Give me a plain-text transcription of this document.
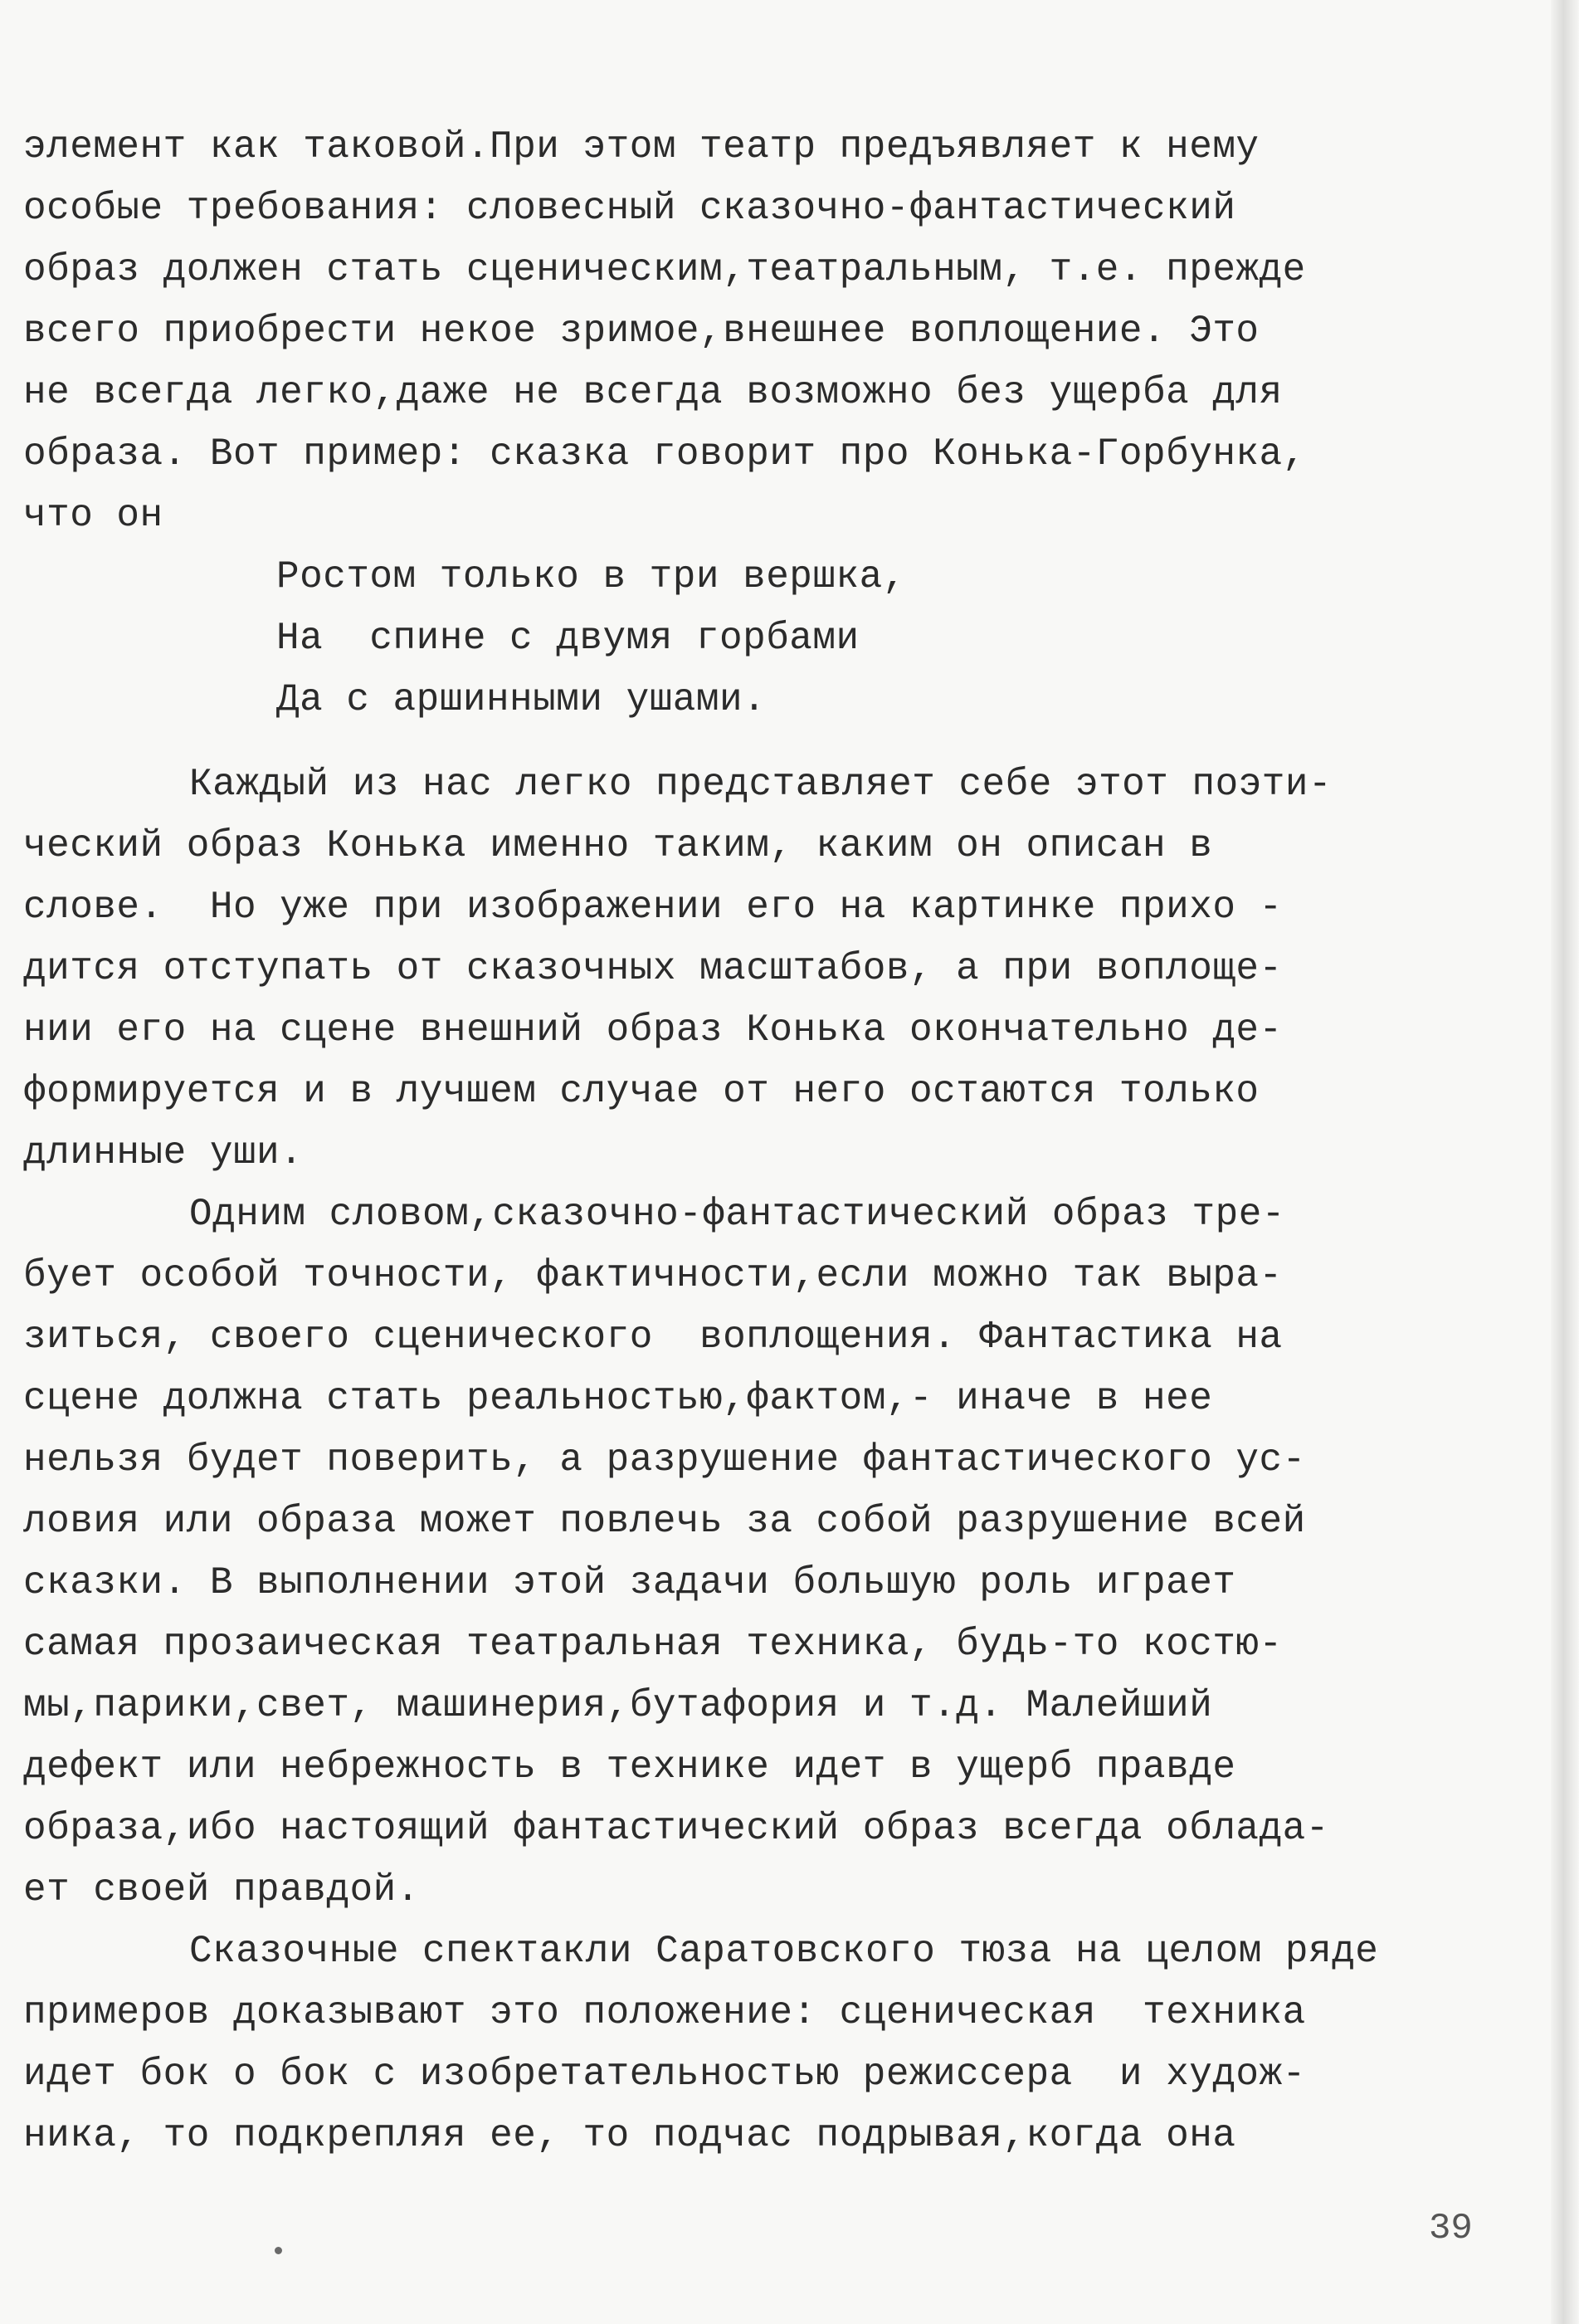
элемент как таковой.При этом театр предъявляет к нему
особые требования: словесный сказочно-фантастический
образ должен стать сценическим,театральным, т.е. прежде
всего приобрести некое зримое,внешнее воплощение. Это
не всегда легко,даже не всегда возможно без ущерба для
образа. Вот пример: сказка говорит про Конька-Горбунка,
что он
Ростом только в три вершка,
На  спине с двумя горбами
Да с аршинными ушами.
Каждый из нас легко представляет себе этот поэти-
ческий образ Конька именно таким, каким он описан в
слове.  Но уже при изображении его на картинке прихо -
дится отступать от сказочных масштабов, а при воплоще-
нии его на сцене внешний образ Конька окончательно де-
формируется и в лучшем случае от него остаются только
длинные уши.
Одним словом,сказочно-фантастический образ тре-
бует особой точности, фактичности,если можно так выра-
зиться, своего сценического  воплощения. Фантастика на
сцене должна стать реальностью,фактом,- иначе в нее
нельзя будет поверить, а разрушение фантастического ус-
ловия или образа может повлечь за собой разрушение всей
сказки. В выполнении этой задачи большую роль играет
самая прозаическая театральная техника, будь-то костю-
мы,парики,свет, машинерия,бутафория и т.д. Малейший
дефект или небрежность в технике идет в ущерб правде
образа,ибо настоящий фантастический образ всегда облада-
ет своей правдой.
Сказочные спектакли Саратовского тюза на целом ряде
примеров доказывают это положение: сценическая  техника
идет бок о бок с изобретательностью режиссера  и худож-
ника, то подкрепляя ее, то подчас подрывая,когда она
39
